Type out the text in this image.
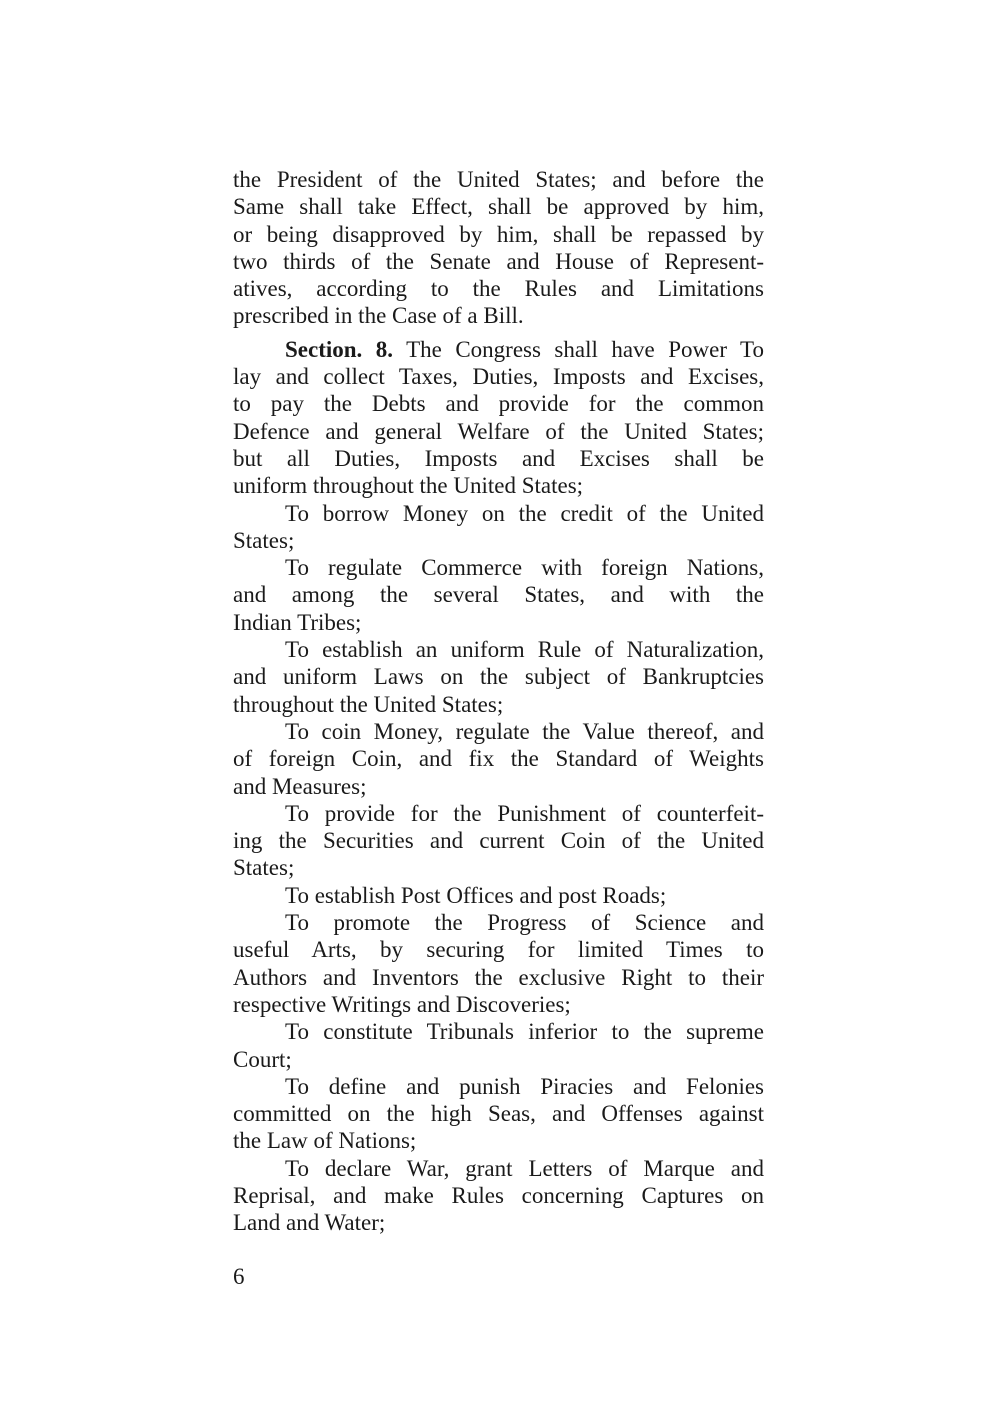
the President of the United States; and before the
Same shall take Effect, shall be approved by him,
or being disapproved by him, shall be repassed by
two thirds of the Senate and House of Represent-
atives, according to the Rules and Limitations
prescribed in the Case of a Bill.
Section. 8. The Congress shall have Power To
lay and collect Taxes, Duties, Imposts and Excises,
to pay the Debts and provide for the common
Defence and general Welfare of the United States;
but all Duties, Imposts and Excises shall be
uniform throughout the United States;
To borrow Money on the credit of the United
States;
To regulate Commerce with foreign Nations,
and among the several States, and with the
Indian Tribes;
To establish an uniform Rule of Naturalization,
and uniform Laws on the subject of Bankruptcies
throughout the United States;
To coin Money, regulate the Value thereof, and
of foreign Coin, and fix the Standard of Weights
and Measures;
To provide for the Punishment of counterfeit-
ing the Securities and current Coin of the United
States;
To establish Post Offices and post Roads;
To promote the Progress of Science and
useful Arts, by securing for limited Times to
Authors and Inventors the exclusive Right to their
respective Writings and Discoveries;
To constitute Tribunals inferior to the supreme
Court;
To define and punish Piracies and Felonies
committed on the high Seas, and Offenses against
the Law of Nations;
To declare War, grant Letters of Marque and
Reprisal, and make Rules concerning Captures on
Land and Water;
6
